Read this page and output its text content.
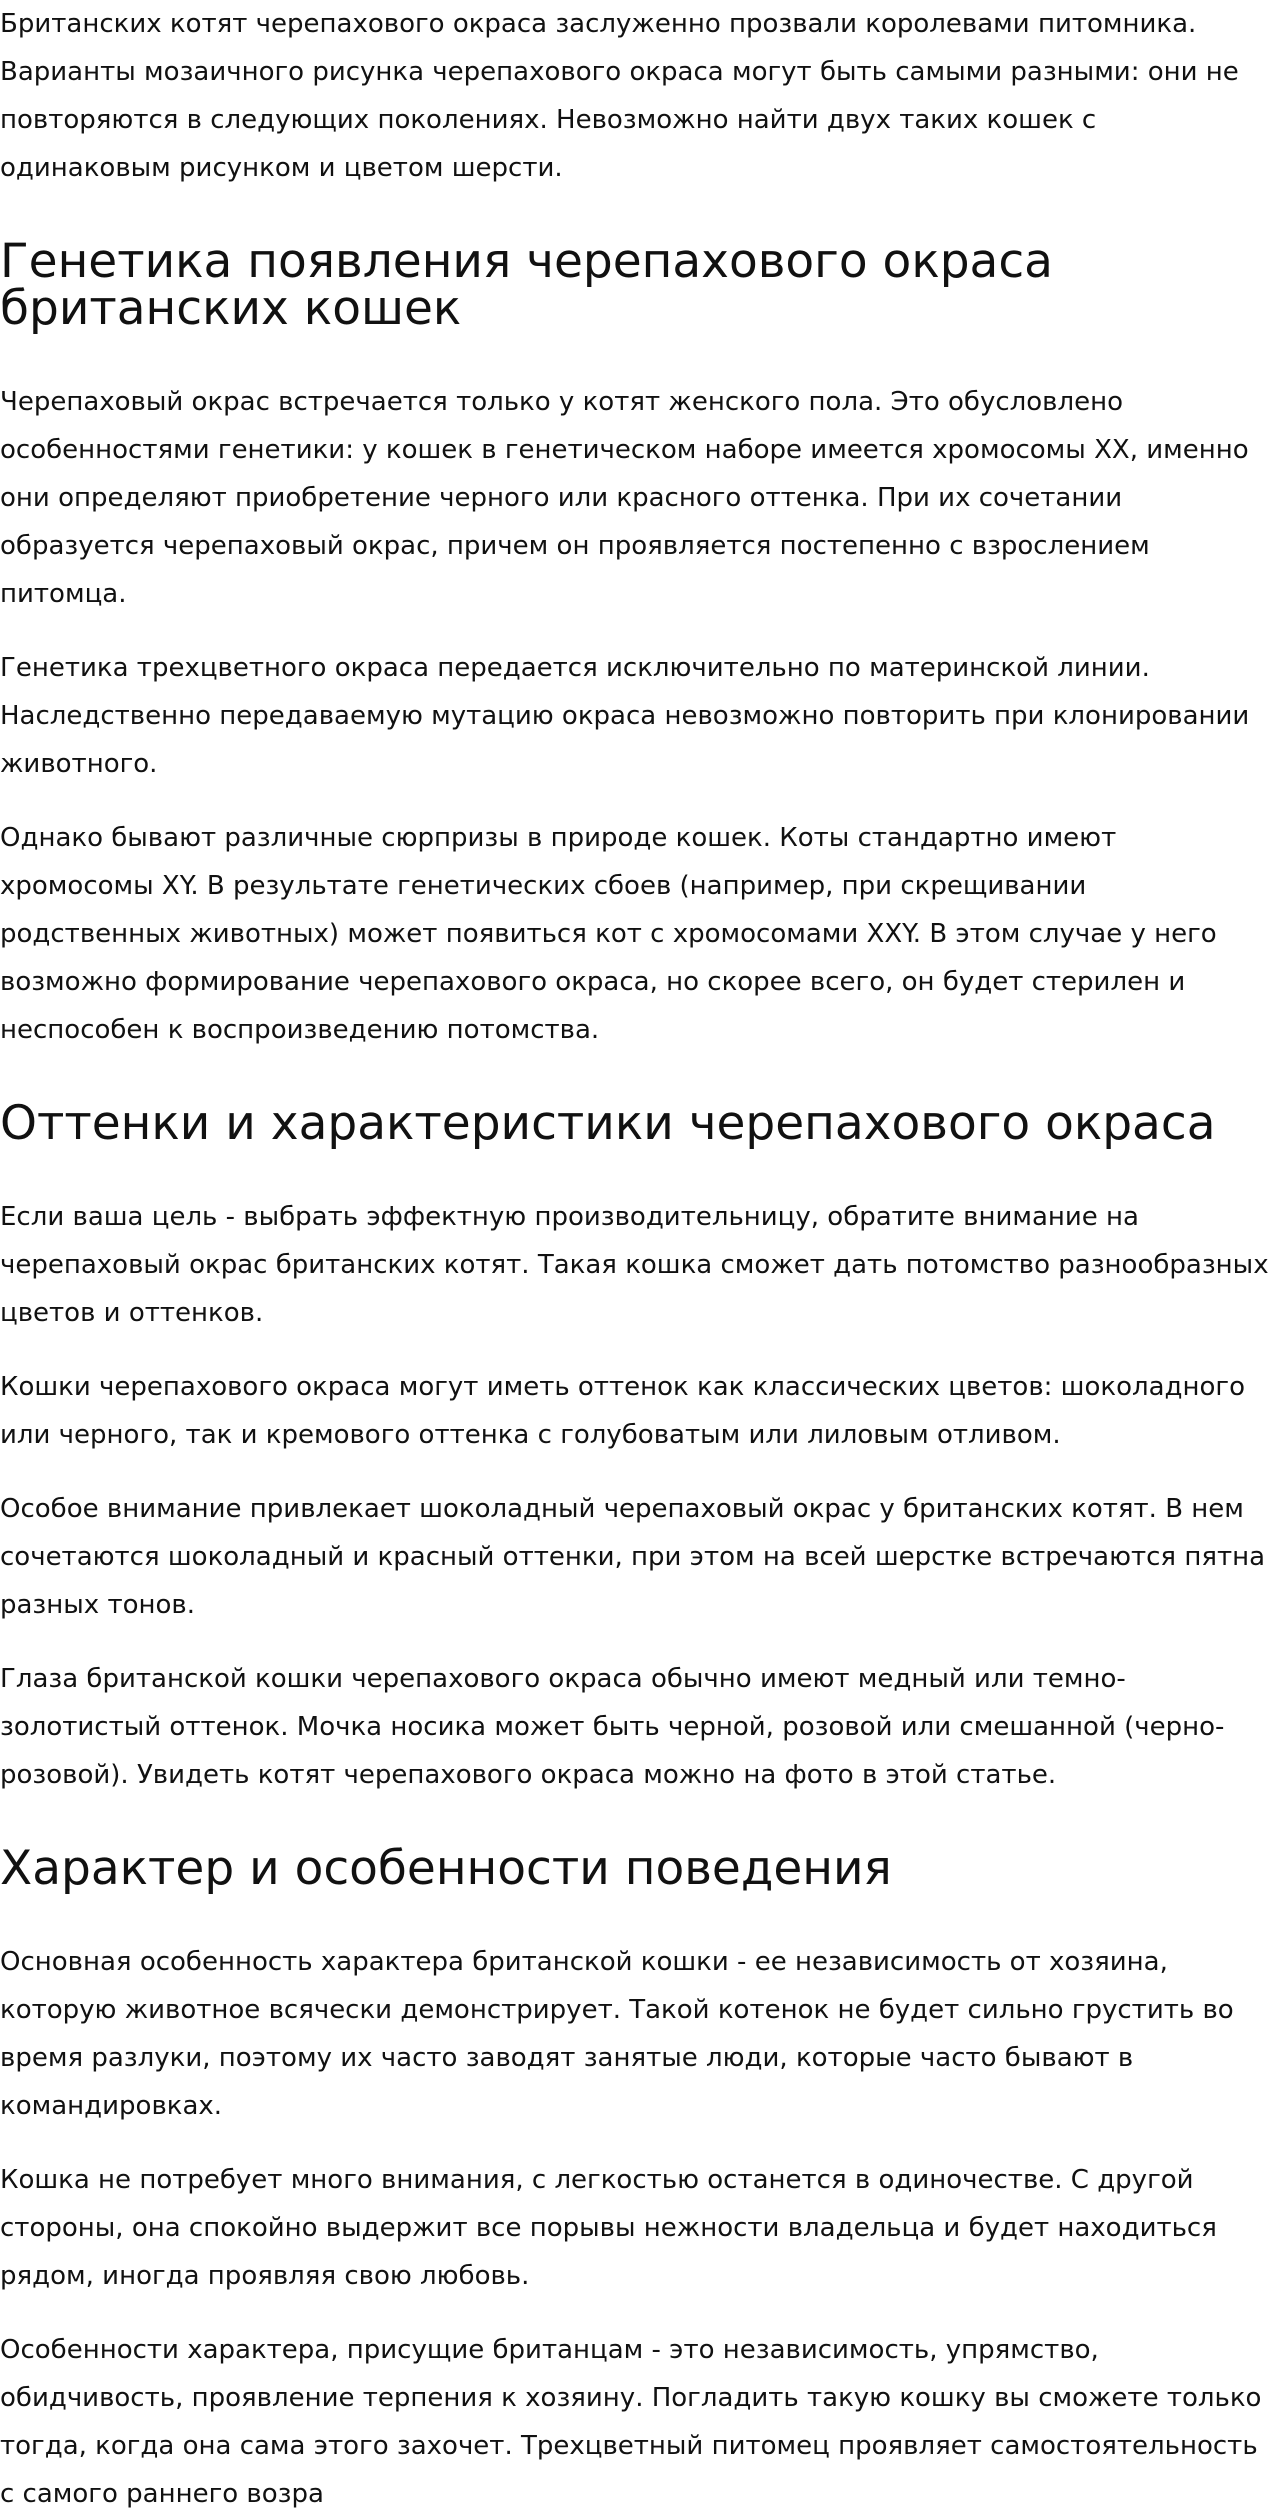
Британских котят черепахового окраса заслуженно прозвали королевами питомника. Варианты мозаичного рисунка черепахового окраса могут быть самыми разными: они не повторяются в следующих поколениях. Невозможно найти двух таких кошек с одинаковым рисунком и цветом шерсти.

Генетика появления черепахового окраса
британских кошек

Черепаховый окрас встречается только у котят женского пола. Это обусловлено особенностями генетики: у кошек в генетическом наборе имеется хромосомы ХХ, именно они определяют приобретение черного или красного оттенка. При их сочетании образуется черепаховый окрас, причем он проявляется постепенно с взрослением питомца.

Генетика трехцветного окраса передается исключительно по материнской линии. Наследственно передаваемую мутацию окраса невозможно повторить при клонировании животного.

Однако бывают различные сюрпризы в природе кошек. Коты стандартно имеют хромосомы ХY. В результате генетических сбоев (например, при скрещивании родственных животных) может появиться кот с хромосомами ХХY. В этом случае у него возможно формирование черепахового окраса, но скорее всего, он будет стерилен и неспособен к воспроизведению потомства.

Оттенки и характеристики черепахового окраса

Если ваша цель - выбрать эффектную производительницу, обратите внимание на черепаховый окрас британских котят. Такая кошка сможет дать потомство разнообразных цветов и оттенков.

Кошки черепахового окраса могут иметь оттенок как классических цветов: шоколадного или черного, так и кремового оттенка с голубоватым или лиловым отливом.

Особое внимание привлекает шоколадный черепаховый окрас у британских котят. В нем сочетаются шоколадный и красный оттенки, при этом на всей шерстке встречаются пятна разных тонов.

Глаза британской кошки черепахового окраса обычно имеют медный или темно-золотистый оттенок. Мочка носика может быть черной, розовой или смешанной (черно-розовой). Увидеть котят черепахового окраса можно на фото в этой статье.

Характер и особенности поведения

Основная особенность характера британской кошки - ее независимость от хозяина, которую животное всячески демонстрирует. Такой котенок не будет сильно грустить во время разлуки, поэтому их часто заводят занятые люди, которые часто бывают в командировках.

Кошка не потребует много внимания, с легкостью останется в одиночестве. С другой стороны, она спокойно выдержит все порывы нежности владельца и будет находиться рядом, иногда проявляя свою любовь.

Особенности характера, присущие британцам - это независимость, упрямство, обидчивость, проявление терпения к хозяину. Погладить такую кошку вы сможете только тогда, когда она сама этого захочет. Трехцветный питомец проявляет самостоятельность с самого раннего возра
